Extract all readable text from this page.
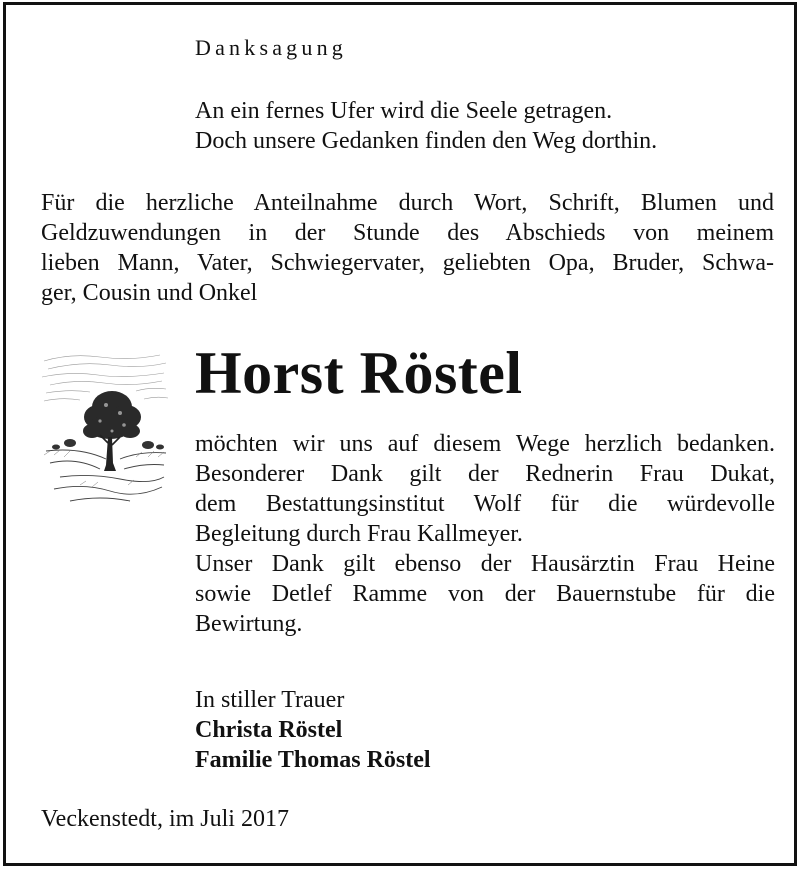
Danksagung
An ein fernes Ufer wird die Seele getragen.
Doch unsere Gedanken finden den Weg dorthin.
Für die herzliche Anteilnahme durch Wort, Schrift, Blumen und
Geldzuwendungen in der Stunde des Abschieds von meinem
lieben Mann, Vater, Schwiegervater, geliebten Opa, Bruder, Schwa-
ger, Cousin und Onkel
Horst Röstel
möchten wir uns auf diesem Wege herzlich bedanken.
Besonderer Dank gilt der Rednerin Frau Dukat,
dem Bestattungsinstitut Wolf für die würdevolle
Begleitung durch Frau Kallmeyer.
Unser Dank gilt ebenso der Hausärztin Frau Heine
sowie Detlef Ramme von der Bauernstube für die
Bewirtung.
In stiller Trauer
Christa Röstel
Familie Thomas Röstel
Veckenstedt, im Juli 2017
